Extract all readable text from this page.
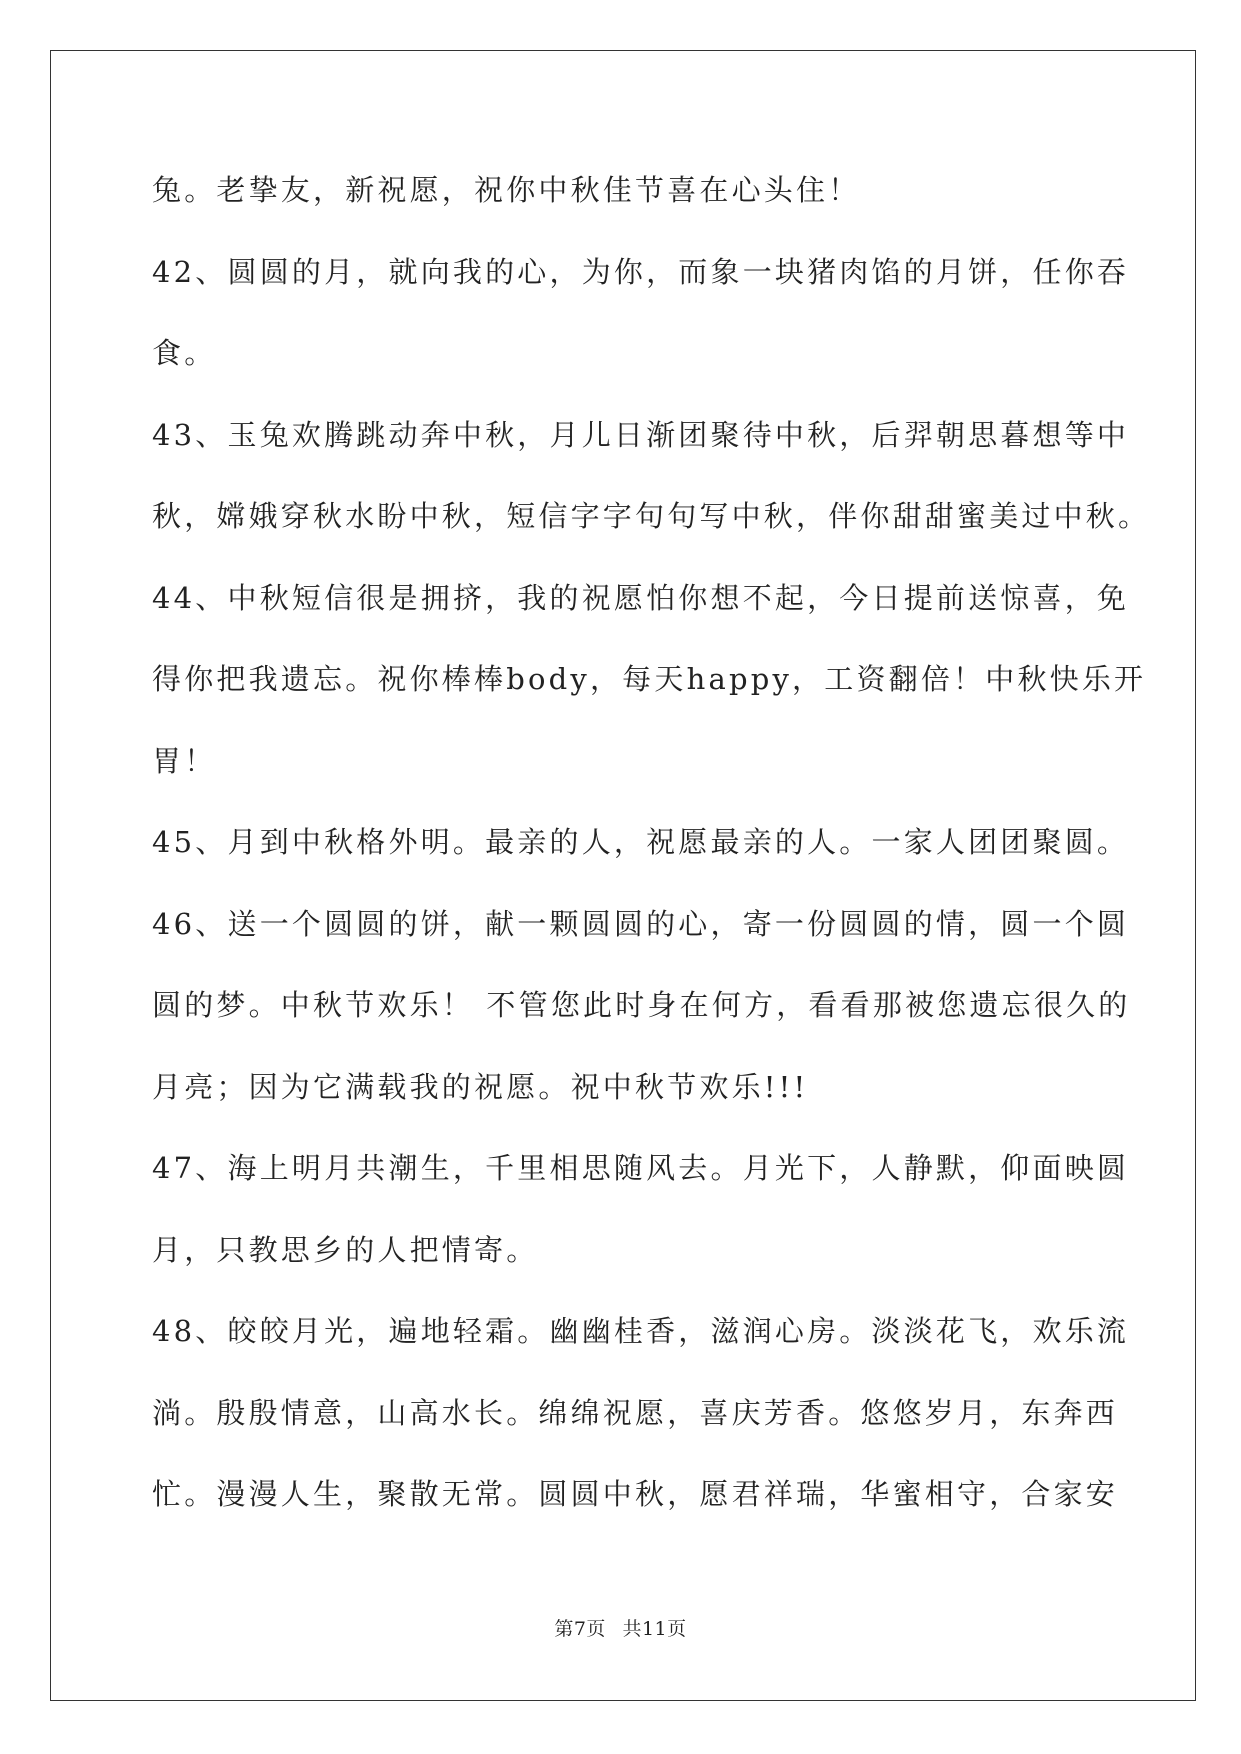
兔。老挚友，新祝愿，祝你中秋佳节喜在心头住！
42、圆圆的月，就向我的心，为你，而象一块猪肉馅的月饼，任你吞
食。
43、玉兔欢腾跳动奔中秋，月儿日渐团聚待中秋，后羿朝思暮想等中
秋，嫦娥穿秋水盼中秋，短信字字句句写中秋，伴你甜甜蜜美过中秋。
44、中秋短信很是拥挤，我的祝愿怕你想不起，今日提前送惊喜，免
得你把我遗忘。祝你棒棒body，每天happy，工资翻倍！中秋快乐开
胃！
45、月到中秋格外明。最亲的人，祝愿最亲的人。一家人团团聚圆。
46、送一个圆圆的饼，献一颗圆圆的心，寄一份圆圆的情，圆一个圆
圆的梦。中秋节欢乐！ 不管您此时身在何方，看看那被您遗忘很久的
月亮；因为它满载我的祝愿。祝中秋节欢乐!!!
47、海上明月共潮生，千里相思随风去。月光下，人静默，仰面映圆
月，只教思乡的人把情寄。
48、皎皎月光，遍地轻霜。幽幽桂香，滋润心房。淡淡花飞，欢乐流
淌。殷殷情意，山高水长。绵绵祝愿，喜庆芳香。悠悠岁月，东奔西
忙。漫漫人生，聚散无常。圆圆中秋，愿君祥瑞，华蜜相守，合家安
第7页 共11页
